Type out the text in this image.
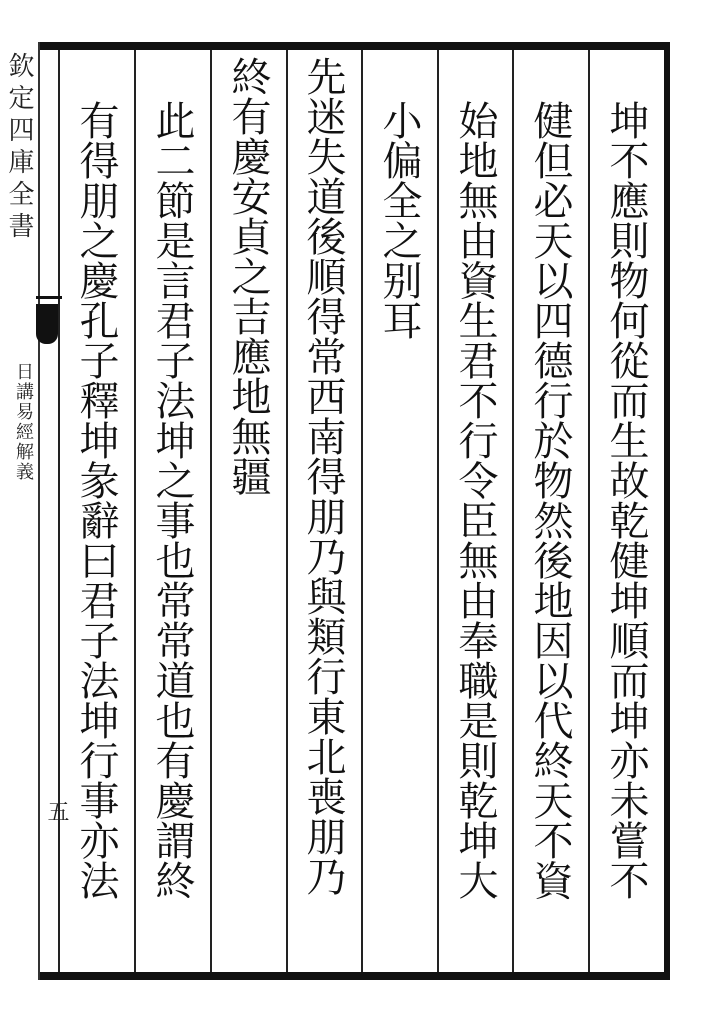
欽定四庫全書
日講易經解義
五	坤不應則物何從而生故乾健坤順而坤亦未嘗不
健但必天以四德行於物然後地因以代終天不資
始地無由資生君不行令臣無由奉職是則乾坤大
小偏全之别耳
先迷失道後順得常西南得朋乃與類行東北喪朋乃
終有慶安貞之吉應地無疆
此二節是言君子法坤之事也常常道也有慶謂終
有得朋之慶孔子釋坤彖辭曰君子法坤行事亦法
